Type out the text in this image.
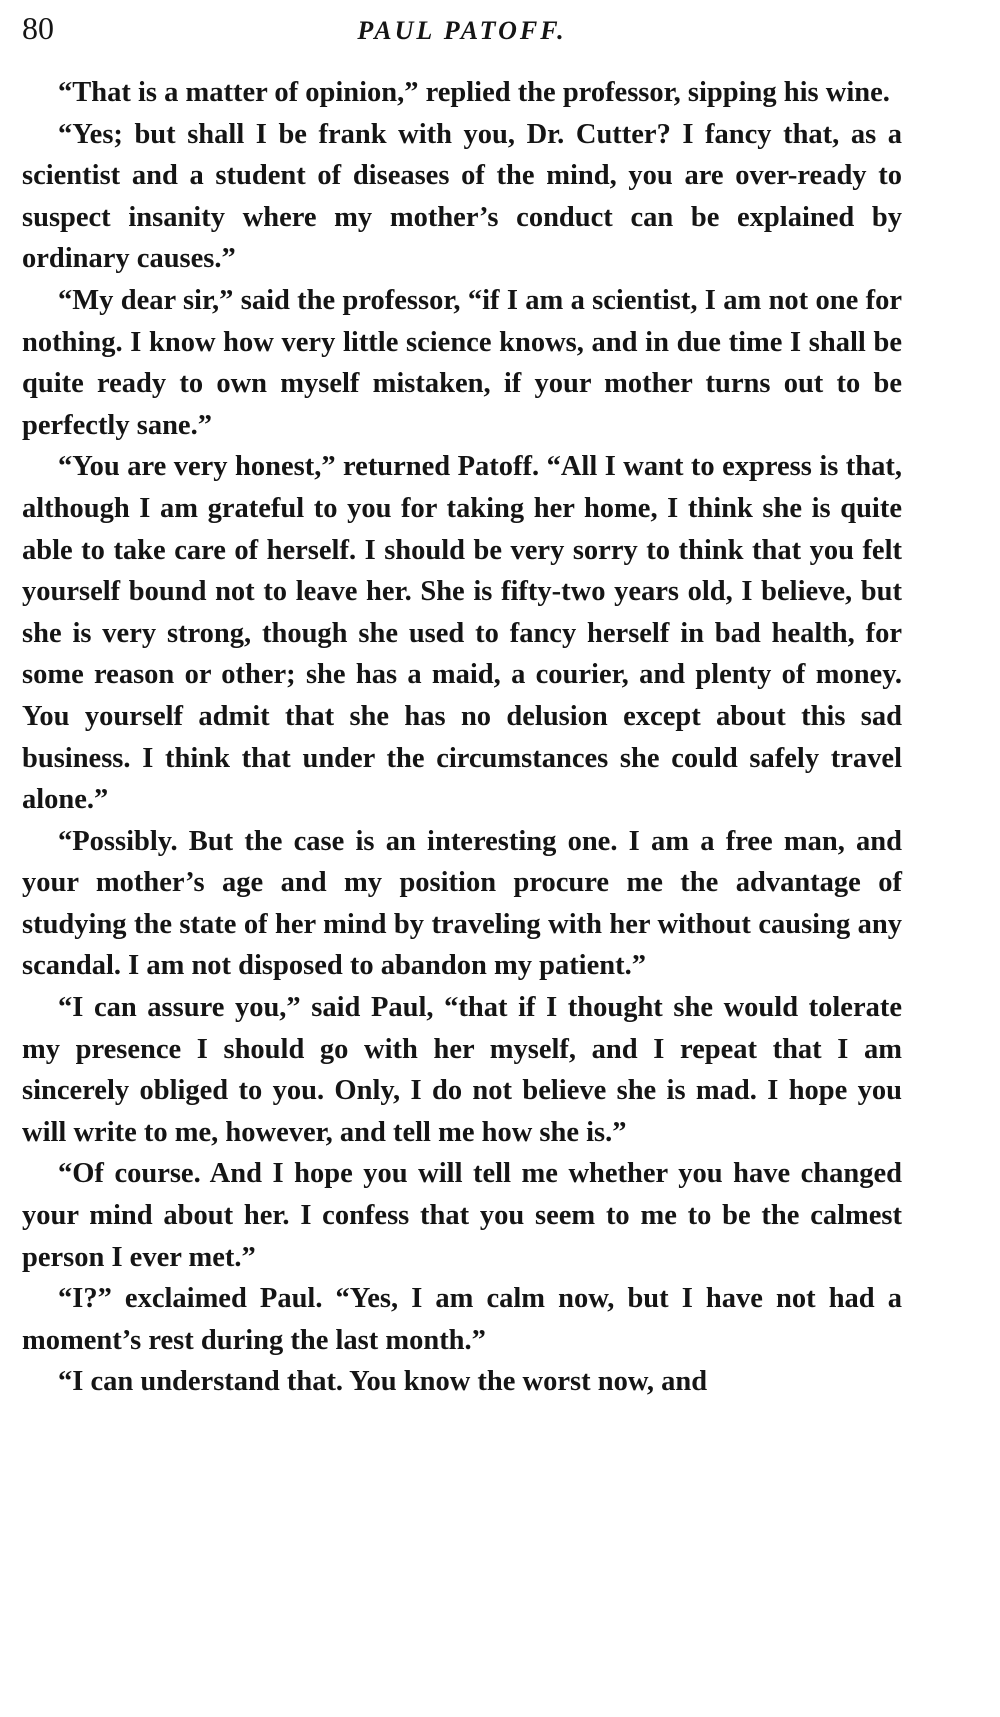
80	PAUL PATOFF.

“That is a matter of opinion,” replied the professor, sipping his wine.

“Yes; but shall I be frank with you, Dr. Cutter? I fancy that, as a scientist and a student of diseases of the mind, you are over-ready to suspect insanity where my mother’s conduct can be explained by ordinary causes.”

“My dear sir,” said the professor, “if I am a scientist, I am not one for nothing. I know how very little science knows, and in due time I shall be quite ready to own myself mistaken, if your mother turns out to be perfectly sane.”

“You are very honest,” returned Patoff. “All I want to express is that, although I am grateful to you for taking her home, I think she is quite able to take care of herself. I should be very sorry to think that you felt yourself bound not to leave her. She is fifty-two years old, I believe, but she is very strong, though she used to fancy herself in bad health, for some reason or other; she has a maid, a courier, and plenty of money. You yourself admit that she has no delusion except about this sad business. I think that under the circumstances she could safely travel alone.”

“Possibly. But the case is an interesting one. I am a free man, and your mother’s age and my position procure me the advantage of studying the state of her mind by traveling with her without causing any scandal. I am not disposed to abandon my patient.”

“I can assure you,” said Paul, “that if I thought she would tolerate my presence I should go with her myself, and I repeat that I am sincerely obliged to you. Only, I do not believe she is mad. I hope you will write to me, however, and tell me how she is.”

“Of course. And I hope you will tell me whether you have changed your mind about her. I confess that you seem to me to be the calmest person I ever met.”

“I?” exclaimed Paul. “Yes, I am calm now, but I have not had a moment’s rest during the last month.”

“I can understand that. You know the worst now, and
